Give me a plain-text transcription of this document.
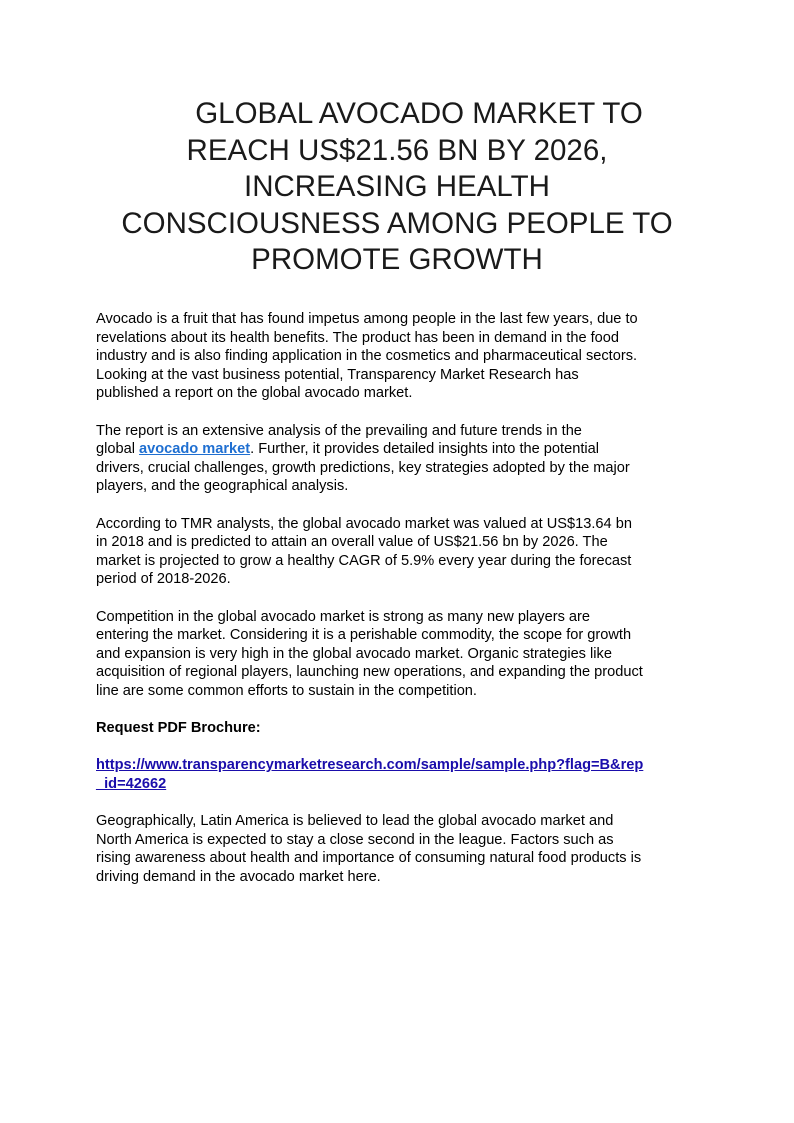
GLOBAL AVOCADO MARKET TO
REACH US$21.56 BN BY 2026,
INCREASING HEALTH
CONSCIOUSNESS AMONG PEOPLE TO
PROMOTE GROWTH

Avocado is a fruit that has found impetus among people in the last few years, due to
revelations about its health benefits. The product has been in demand in the food
industry and is also finding application in the cosmetics and pharmaceutical sectors.
Looking at the vast business potential, Transparency Market Research has
published a report on the global avocado market.

The report is an extensive analysis of the prevailing and future trends in the
global avocado market. Further, it provides detailed insights into the potential
drivers, crucial challenges, growth predictions, key strategies adopted by the major
players, and the geographical analysis.

According to TMR analysts, the global avocado market was valued at US$13.64 bn
in 2018 and is predicted to attain an overall value of US$21.56 bn by 2026. The
market is projected to grow a healthy CAGR of 5.9% every year during the forecast
period of 2018-2026.

Competition in the global avocado market is strong as many new players are
entering the market. Considering it is a perishable commodity, the scope for growth
and expansion is very high in the global avocado market. Organic strategies like
acquisition of regional players, launching new operations, and expanding the product
line are some common efforts to sustain in the competition.

Request PDF Brochure:

https://www.transparencymarketresearch.com/sample/sample.php?flag=B&rep
_id=42662

Geographically, Latin America is believed to lead the global avocado market and
North America is expected to stay a close second in the league. Factors such as
rising awareness about health and importance of consuming natural food products is
driving demand in the avocado market here.
